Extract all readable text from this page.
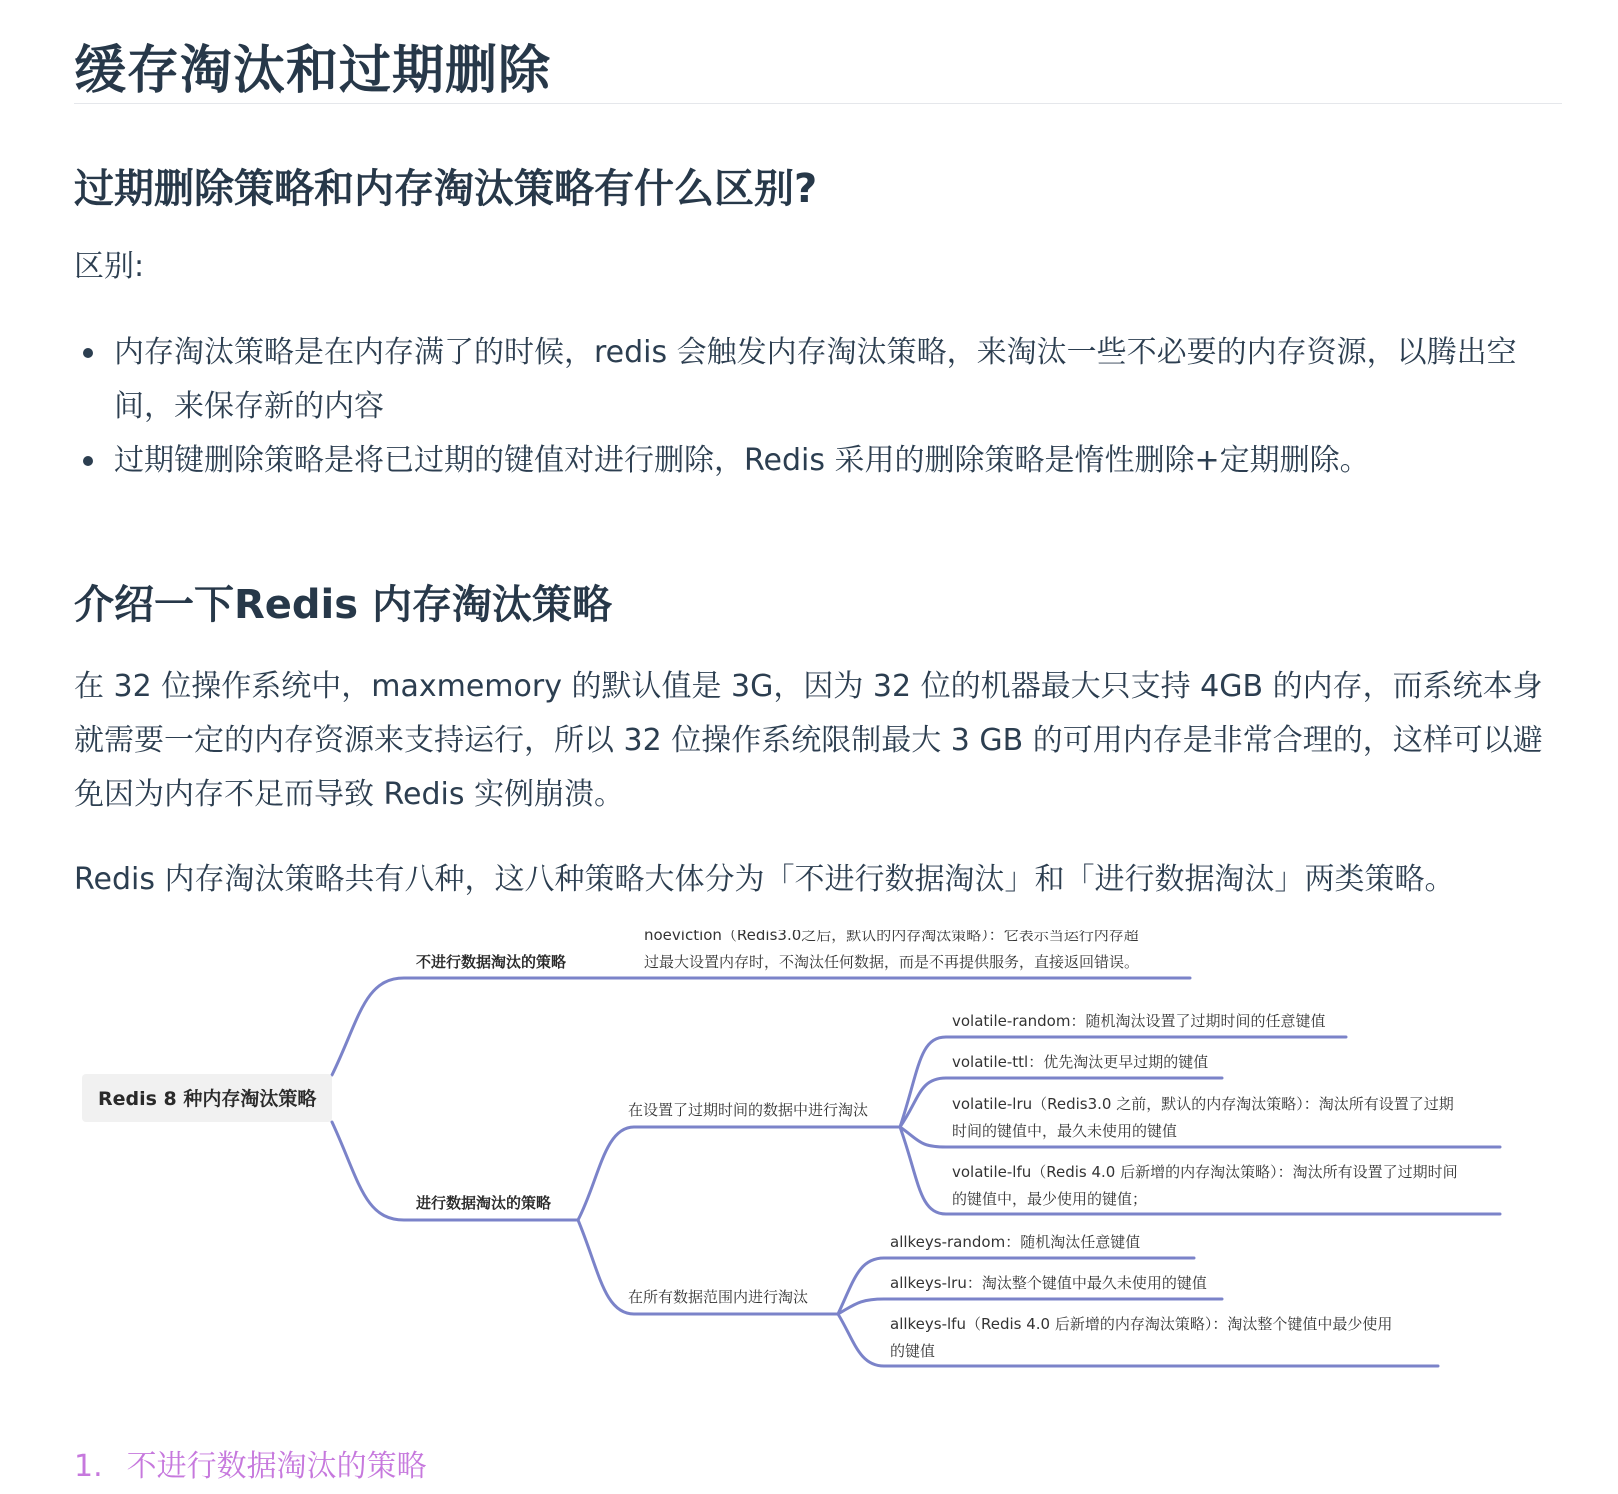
缓存淘汰和过期删除
过期删除策略和内存淘汰策略有什么区别?

区别:

内存淘汰策略是在内存满了的时候，redis 会触发内存淘汰策略，来淘汰一些不必要的内存资源，以腾出空间，来保存新的内容
过期键删除策略是将已过期的键值对进行删除，Redis 采用的删除策略是惰性删除+定期删除。
介绍一下Redis 内存淘汰策略

在 32 位操作系统中，maxmemory 的默认值是 3G，因为 32 位的机器最大只支持 4GB 的内存，而系统本身就需要一定的内存资源来支持运行，所以 32 位操作系统限制最大 3 GB 的可用内存是非常合理的，这样可以避免因为内存不足而导致 Redis 实例崩溃。

Redis 内存淘汰策略共有八种，这八种策略大体分为「不进行数据淘汰」和「进行数据淘汰」两类策略。

Redis 8 种内存淘汰策略
不进行数据淘汰的策略
noeviction（Redis3.0之后，默认的内存淘汰策略）：它表示当运行内存超
进行数据淘汰的策略
在设置了过期时间的数据中进行淘汰
在所有数据范围内进行淘汰
volatile-random：随机淘汰设置了过期时间的任意键值
volatile-ttl：优先淘汰更早过期的键值
volatile-lru（Redis3.0 之前，默认的内存淘汰策略）：淘汰所有设置了过期
时间的键值中，最久未使用的键值
volatile-lfu（Redis 4.0 后新增的内存淘汰策略）：淘汰所有设置了过期时间
的键值中，最少使用的键值；
allkeys-random：随机淘汰任意键值
allkeys-lru：淘汰整个键值中最久未使用的键值
allkeys-lfu（Redis 4.0 后新增的内存淘汰策略）：淘汰整个键值中最少使用
的键值
过最大设置内存时，不淘汰任何数据，而是不再提供服务，直接返回错误。

1. 不进行数据淘汰的策略
